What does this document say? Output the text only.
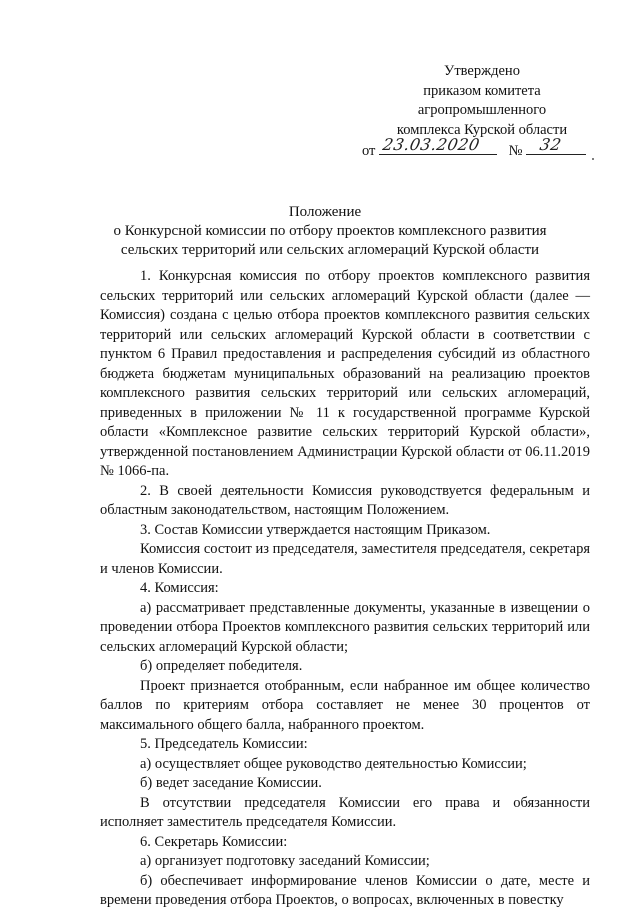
Утверждено
приказом комитета
агропромышленного
комплекса Курской области
от 23.03.2020 № 32
Положение
о Конкурсной комиссии по отбору проектов комплексного развития сельских территорий или сельских агломераций Курской области

1. Конкурсная комиссия по отбору проектов комплексного развития сельских территорий или сельских агломераций Курской области (далее — Комиссия) создана с целью отбора проектов комплексного развития сельских территорий или сельских агломераций Курской области в соответствии с пунктом 6 Правил предоставления и распределения субсидий из областного бюджета бюджетам муниципальных образований на реализацию проектов комплексного развития сельских территорий или сельских агломераций, приведенных в приложении № 11 к государственной программе Курской области «Комплексное развитие сельских территорий Курской области», утвержденной постановлением Администрации Курской области от 06.11.2019 № 1066-па.

2. В своей деятельности Комиссия руководствуется федеральным и областным законодательством, настоящим Положением.

3. Состав Комиссии утверждается настоящим Приказом.

Комиссия состоит из председателя, заместителя председателя, секретаря и членов Комиссии.

4. Комиссия:

а) рассматривает представленные документы, указанные в извещении о проведении отбора Проектов комплексного развития сельских территорий или сельских агломераций Курской области;

б) определяет победителя.

Проект признается отобранным, если набранное им общее количество баллов по критериям отбора составляет не менее 30 процентов от максимального общего балла, набранного проектом.

5. Председатель Комиссии:

а) осуществляет общее руководство деятельностью Комиссии;

б) ведет заседание Комиссии.

В отсутствии председателя Комиссии его права и обязанности исполняет заместитель председателя Комиссии.

6. Секретарь Комиссии:

а) организует подготовку заседаний Комиссии;

б) обеспечивает информирование членов Комиссии о дате, месте и времени проведения отбора Проектов, о вопросах, включенных в повестку
